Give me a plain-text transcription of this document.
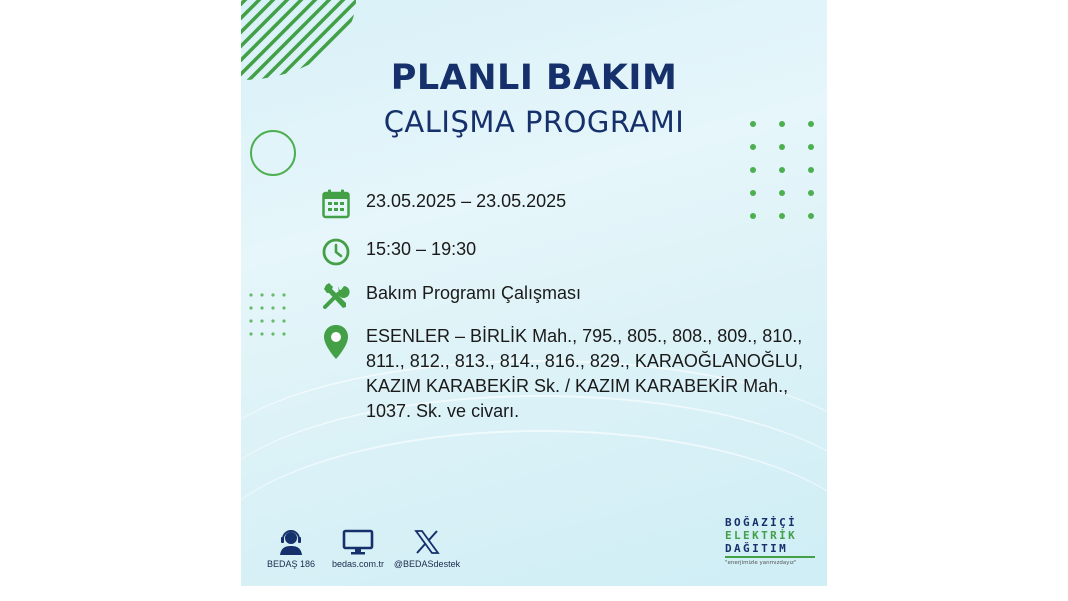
PLANLI BAKIM
ÇALIŞMA PROGRAMI
23.05.2025 – 23.05.2025
15:30 – 19:30
Bakım Programı Çalışması
ESENLER – BİRLİK Mah., 795., 805., 808., 809., 810.,
811., 812., 813., 814., 816., 829., KARAOĞLANOĞLU,
KAZIM KARABEKİR Sk. / KAZIM KARABEKİR Mah.,
1037. Sk. ve civarı.
BEDAŞ 186 bedas.com.tr @BEDASdestek
BOĞAZİÇİ
ELEKTRİK
DAĞITIM
"enerjimizle yanmızdayız"
